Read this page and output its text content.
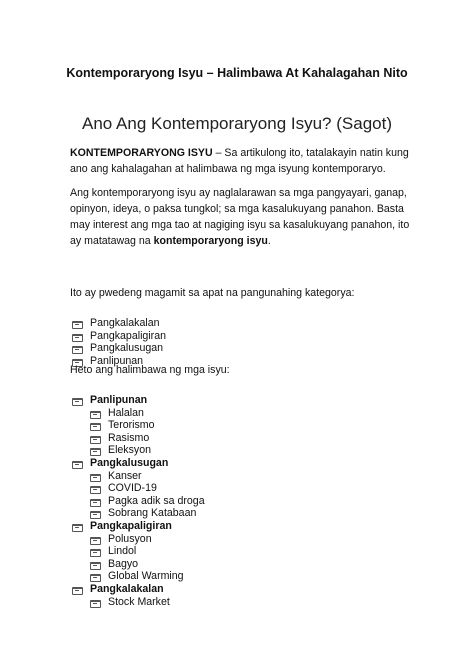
Kontemporaryong Isyu – Halimbawa At Kahalagahan Nito
Ano Ang Kontemporaryong Isyu? (Sagot)

KONTEMPORARYONG ISYU – Sa artikulong ito, tatalakayin natin kung ano ang kahalagahan at halimbawa ng mga isyung kontemporaryo.

Ang kontemporaryong isyu ay naglalarawan sa mga pangyayari, ganap, opinyon, ideya, o paksa tungkol; sa mga kasalukuyang panahon. Basta may interest ang mga tao at nagiging isyu sa kasalukuyang panahon, ito ay matatawag na kontemporaryong isyu.

Ito ay pwedeng magamit sa apat na pangunahing kategorya:

Pangkalakalan
Pangkapaligiran
Pangkalusugan
Panlipunan

Heto ang halimbawa ng mga isyu:

Panlipunan
Halalan
Terorismo
Rasismo
Eleksyon
Pangkalusugan
Kanser
COVID-19
Pagka adik sa droga
Sobrang Katabaan
Pangkapaligiran
Polusyon
Lindol
Bagyo
Global Warming
Pangkalakalan
Stock Market
